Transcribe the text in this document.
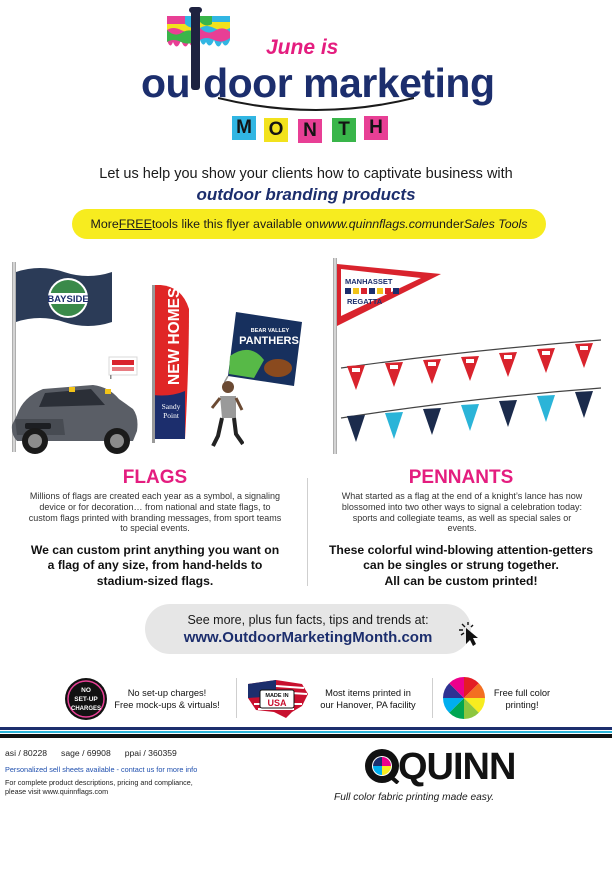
June is
ou door marketing
M O N	T	H
Let us help you show your clients how to captivate business with
outdoor branding products
More FREE tools like this flyer available on www.quinnflags.com under Sales Tools
BAYSIDE	NEW HOMES
Sandy
Point
BEAR VALLEY
PANTHERS
MANHASSET
REGATTA
FLAGS
Millions of flags are created each year as a symbol, a signaling device or for decoration… from national and state flags, to custom flags printed with branding messages, from sport teams to special events.
We can custom print anything you want on
a flag of any size, from hand-helds to
stadium-sized flags.
PENNANTS
What started as a flag at the end of a knight’s lance has now blossomed into two other ways to signal a celebration today: sports and collegiate teams, as well as special sales or events.
These colorful wind-blowing attention-getters
can be singles or strung together.
All can be custom printed!
See more, plus fun facts, tips and trends at:
www.OutdoorMarketingMonth.com
NO
SET-UP
CHARGES
No set-up charges!
Free mock-ups & virtuals!
MADE IN
USA
Most items printed in
our Hanover, PA facility
Free full color
printing!
asi / 80228 sage / 69908 ppai / 360359
Personalized sell sheets available - contact us for more info
For complete product descriptions, pricing and compliance,
please visit www.quinnflags.com
QUINN
Full color fabric printing made easy.
